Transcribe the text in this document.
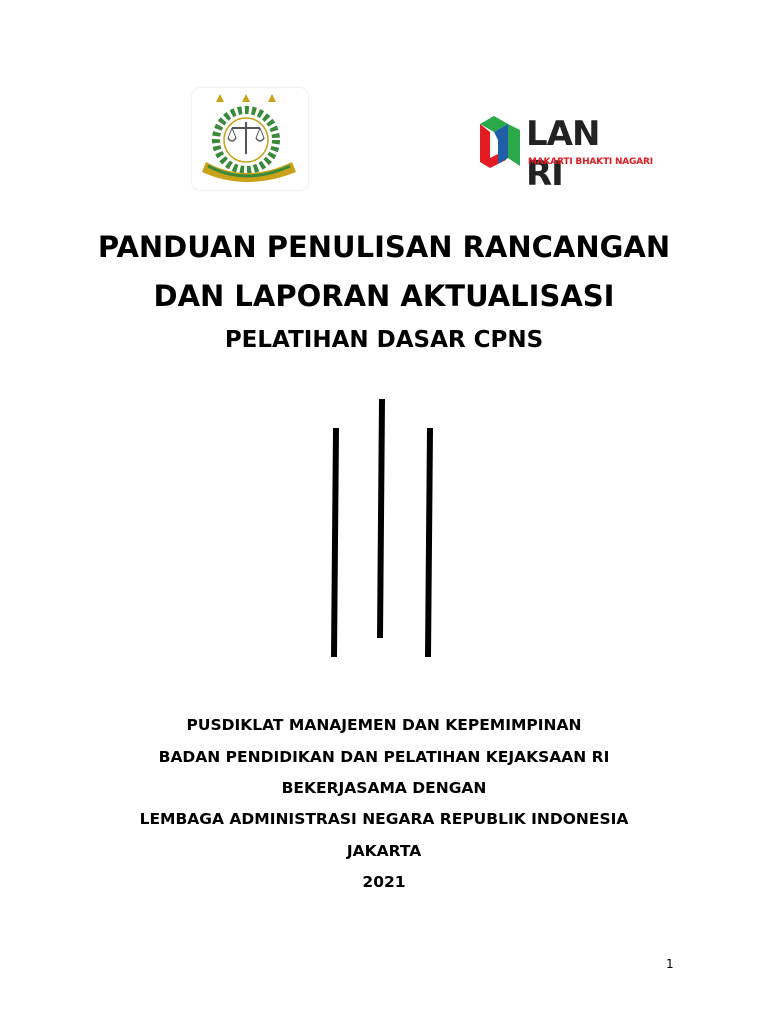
LAN RI
MAKARTI BHAKTI NAGARI
PANDUAN PENULISAN RANCANGAN
DAN LAPORAN AKTUALISASI
PELATIHAN DASAR CPNS
PUSDIKLAT MANAJEMEN DAN KEPEMIMPINAN
BADAN PENDIDIKAN DAN PELATIHAN KEJAKSAAN RI
BEKERJASAMA DENGAN
LEMBAGA ADMINISTRASI NEGARA REPUBLIK INDONESIA
JAKARTA
2021
1
